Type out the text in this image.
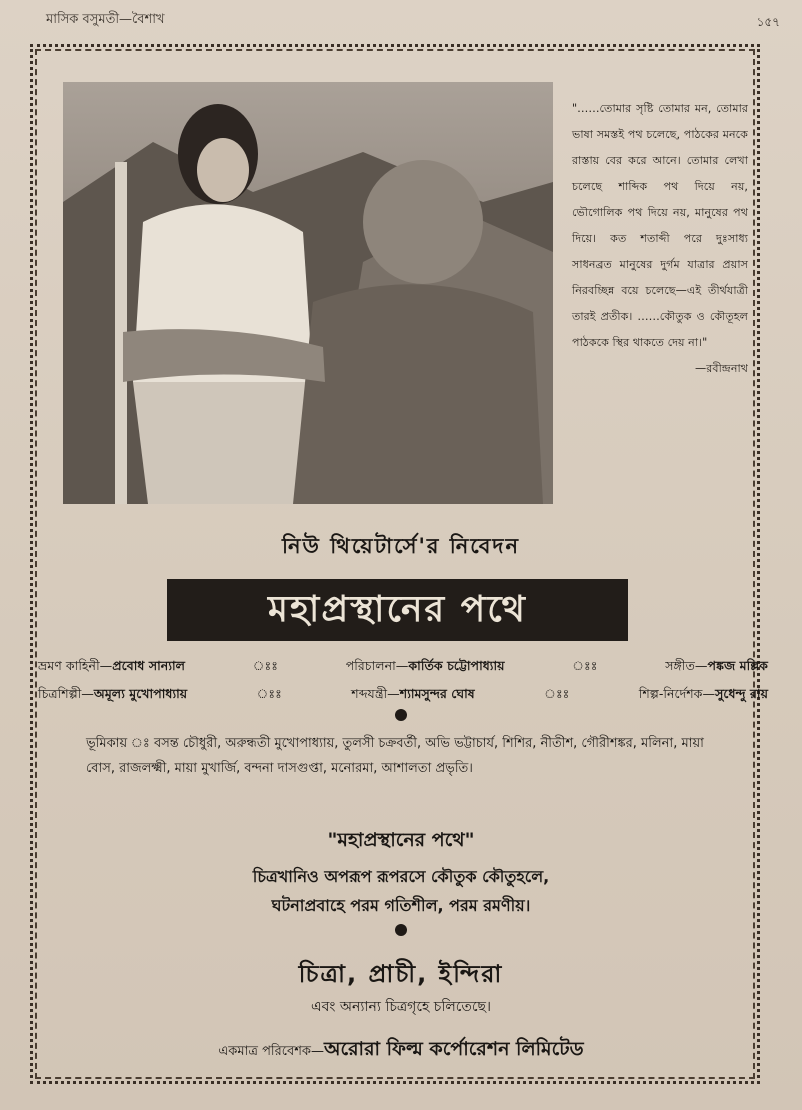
মাসিক বসুমতী—বৈশাখ	১৫৭
"……তোমার সৃষ্টি তোমার মন, তোমার ভাষা সমস্তই পথ চলেছে, পাঠকের মনকে রাস্তায় বের করে আনে। তোমার লেখা চলেছে শাব্দিক পথ দিয়ে নয়, ভৌগোলিক পথ দিয়ে নয়, মানুষের পথ দিয়ে। কত শতাব্দী পরে দুঃসাধ্য সাধনব্রত মানুষের দুর্গম যাত্রার প্রয়াস নিরবচ্ছিন্ন বয়ে চলেছে—এই তীর্থযাত্রী তারই প্রতীক। ……কৌতুক ও কৌতূহল পাঠককে স্থির থাকতে দেয় না।"
—রবীন্দ্রনাথ
নিউ থিয়েটার্সে'র নিবেদন
মহাপ্রস্থানের পথে
ভ্রমণ কাহিনী—প্রবোধ সান্যাল	ঃঃ	পরিচালনা—কার্তিক চট্টোপাধ্যায়	ঃঃ	সঙ্গীত—পঙ্কজ মল্লিক
চিত্রশিল্পী—অমূল্য মুখোপাধ্যায়	ঃঃ	শব্দযন্ত্রী—শ্যামসুন্দর ঘোষ	ঃঃ	শিল্প-নির্দেশক—সুধেন্দু রায়
ভূমিকায় ঃ বসন্ত চৌধুরী, অরুন্ধতী মুখোপাধ্যায়, তুলসী চক্রবর্তী, অভি ভট্টাচার্য, শিশির, নীতীশ, গৌরীশঙ্কর, মলিনা, মায়া বোস, রাজলক্ষ্মী, মায়া মুখার্জি, বন্দনা দাসগুপ্তা, মনোরমা, আশালতা প্রভৃতি।
"মহাপ্রস্থানের পথে"
চিত্রখানিও অপরূপ রূপরসে কৌতুক কৌতুহলে,
ঘটনাপ্রবাহে পরম গতিশীল, পরম রমণীয়।
চিত্রা, প্রাচী, ইন্দিরা
এবং অন্যান্য চিত্রগৃহে চলিতেছে।
একমাত্র পরিবেশক—অরোরা ফিল্ম কর্পোরেশন লিমিটেড
